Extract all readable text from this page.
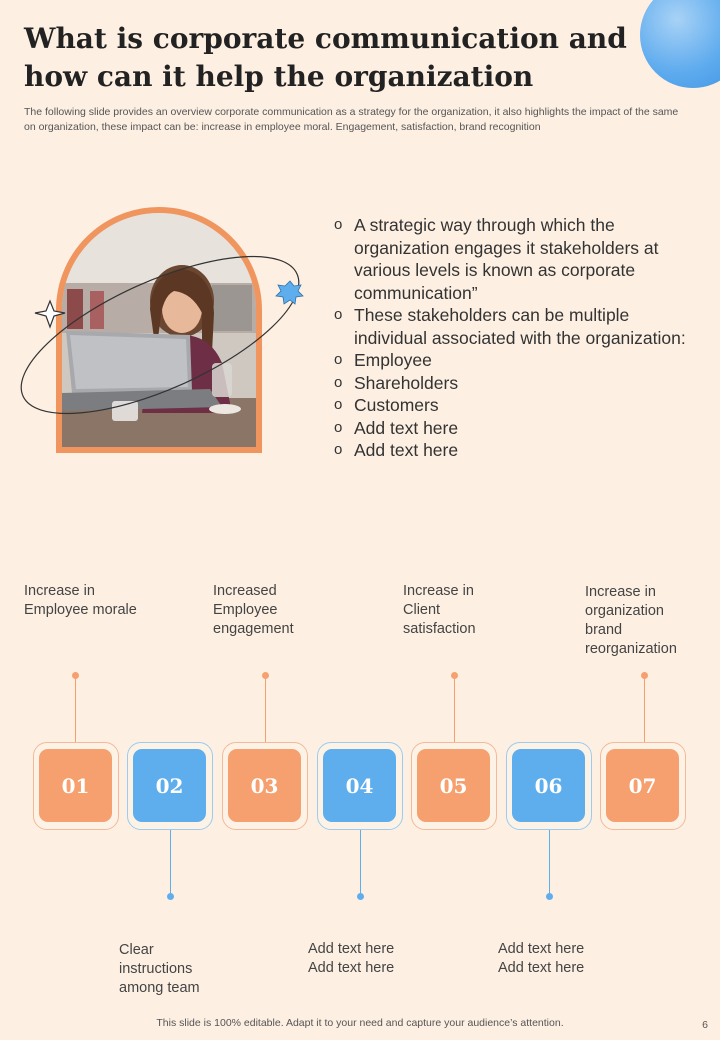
What is corporate communication and how can it help the organization

The following slide provides an overview corporate communication as a strategy for the organization, it also highlights the impact of the same on organization, these impact can be: increase in employee moral. Engagement, satisfaction, brand recognition

o A strategic way through which the organization engages it stakeholders at various levels is known as corporate communication”
o These stakeholders can be multiple individual associated with the organization:
o Employee
o Shareholders
o Customers
o Add text here
o Add text here
Increase in
Employee morale
01	02
Clear
instructions
among team
Increased
Employee
engagement
03	04
Add text here
Add text here
Increase in
Client
satisfaction
05	06
Add text here
Add text here
Increase in
organization
brand
reorganization
07
This slide is 100% editable. Adapt it to your need and capture your audience’s attention.	6
